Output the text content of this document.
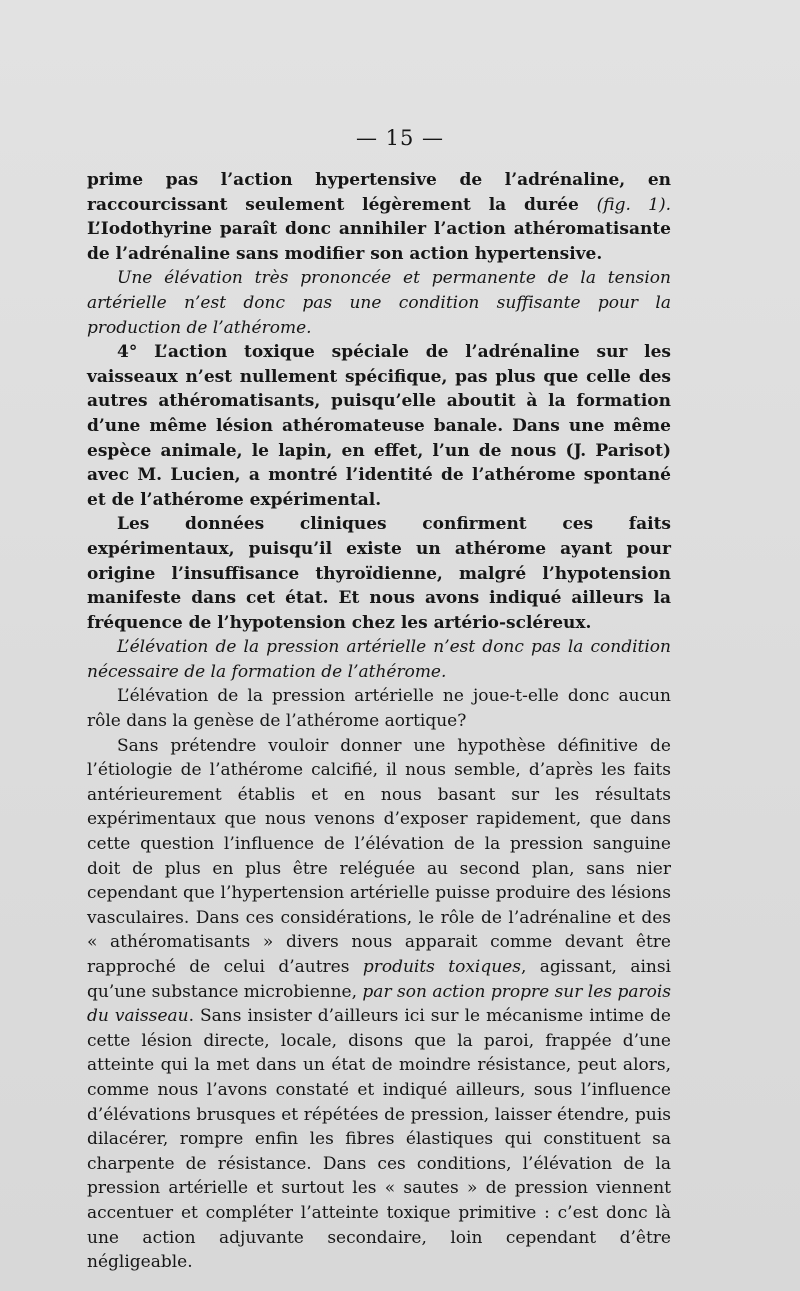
— 15 —

prime pas l’action hypertensive de l’adrénaline, en raccourcissant seulement légèrement la durée (fig. 1). L’Iodothyrine paraît donc annihiler l’action athéromatisante de l’adrénaline sans modifier son action hypertensive.

Une élévation très prononcée et permanente de la tension artérielle n’est donc pas une condition suffisante pour la production de l’athérome.

4° L’action toxique spéciale de l’adrénaline sur les vaisseaux n’est nullement spécifique, pas plus que celle des autres athéromatisants, puisqu’elle aboutit à la formation d’une même lésion athéromateuse banale. Dans une même espèce animale, le lapin, en effet, l’un de nous (J. Parisot) avec M. Lucien, a montré l’identité de l’athérome spontané et de l’athérome expérimental.

Les données cliniques confirment ces faits expérimentaux, puisqu’il existe un athérome ayant pour origine l’insuffisance thyroïdienne, malgré l’hypotension manifeste dans cet état. Et nous avons indiqué ailleurs la fréquence de l’hypotension chez les artério-scléreux.

L’élévation de la pression artérielle n’est donc pas la condition nécessaire de la formation de l’athérome.

L’élévation de la pression artérielle ne joue-t-elle donc aucun rôle dans la genèse de l’athérome aortique?

Sans prétendre vouloir donner une hypothèse définitive de l’étiologie de l’athérome calcifié, il nous semble, d’après les faits antérieurement établis et en nous basant sur les résultats expérimentaux que nous venons d’exposer rapidement, que dans cette question l’influence de l’élévation de la pression sanguine doit de plus en plus être reléguée au second plan, sans nier cependant que l’hypertension artérielle puisse produire des lésions vasculaires. Dans ces considérations, le rôle de l’adrénaline et des « athéromatisants » divers nous apparait comme devant être rapproché de celui d’autres produits toxiques, agissant, ainsi qu’une substance microbienne, par son action propre sur les parois du vaisseau. Sans insister d’ailleurs ici sur le mécanisme intime de cette lésion directe, locale, disons que la paroi, frappée d’une atteinte qui la met dans un état de moindre résistance, peut alors, comme nous l’avons constaté et indiqué ailleurs, sous l’influence d’élévations brusques et répétées de pression, laisser étendre, puis dilacérer, rompre enfin les fibres élastiques qui constituent sa charpente de résistance. Dans ces conditions, l’élévation de la pression artérielle et surtout les « sautes » de pression viennent accentuer et compléter l’atteinte toxique primitive : c’est donc là une action adjuvante secondaire, loin cependant d’être négligeable.
